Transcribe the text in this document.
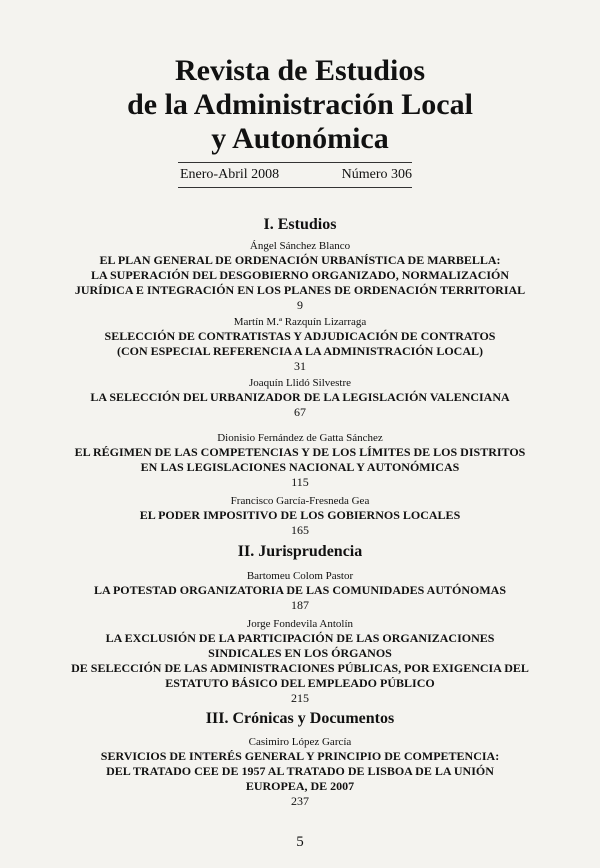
Revista de Estudios
de la Administración Local
y Autonómica
Enero-Abril 2008	Número 306
I. Estudios
Ángel Sánchez Blanco
EL PLAN GENERAL DE ORDENACIÓN URBANÍSTICA DE MARBELLA:
LA SUPERACIÓN DEL DESGOBIERNO ORGANIZADO, NORMALIZACIÓN
JURÍDICA E INTEGRACIÓN EN LOS PLANES DE ORDENACIÓN TERRITORIAL
9
Martín M.ª Razquín Lizarraga
SELECCIÓN DE CONTRATISTAS Y ADJUDICACIÓN DE CONTRATOS
(CON ESPECIAL REFERENCIA A LA ADMINISTRACIÓN LOCAL)
31
Joaquín Llidó Silvestre
LA SELECCIÓN DEL URBANIZADOR DE LA LEGISLACIÓN VALENCIANA
67
Dionisio Fernández de Gatta Sánchez
EL RÉGIMEN DE LAS COMPETENCIAS Y DE LOS LÍMITES DE LOS DISTRITOS
EN LAS LEGISLACIONES NACIONAL Y AUTONÓMICAS
115
Francisco García-Fresneda Gea
EL PODER IMPOSITIVO DE LOS GOBIERNOS LOCALES
165
II. Jurisprudencia
Bartomeu Colom Pastor
LA POTESTAD ORGANIZATORIA DE LAS COMUNIDADES AUTÓNOMAS
187
Jorge Fondevila Antolín
LA EXCLUSIÓN DE LA PARTICIPACIÓN DE LAS ORGANIZACIONES
SINDICALES EN LOS ÓRGANOS
DE SELECCIÓN DE LAS ADMINISTRACIONES PÚBLICAS, POR EXIGENCIA DEL
ESTATUTO BÁSICO DEL EMPLEADO PÚBLICO
215
III. Crónicas y Documentos
Casimiro López García
SERVICIOS DE INTERÉS GENERAL Y PRINCIPIO DE COMPETENCIA:
DEL TRATADO CEE DE 1957 AL TRATADO DE LISBOA DE LA UNIÓN
EUROPEA, DE 2007
237
5
